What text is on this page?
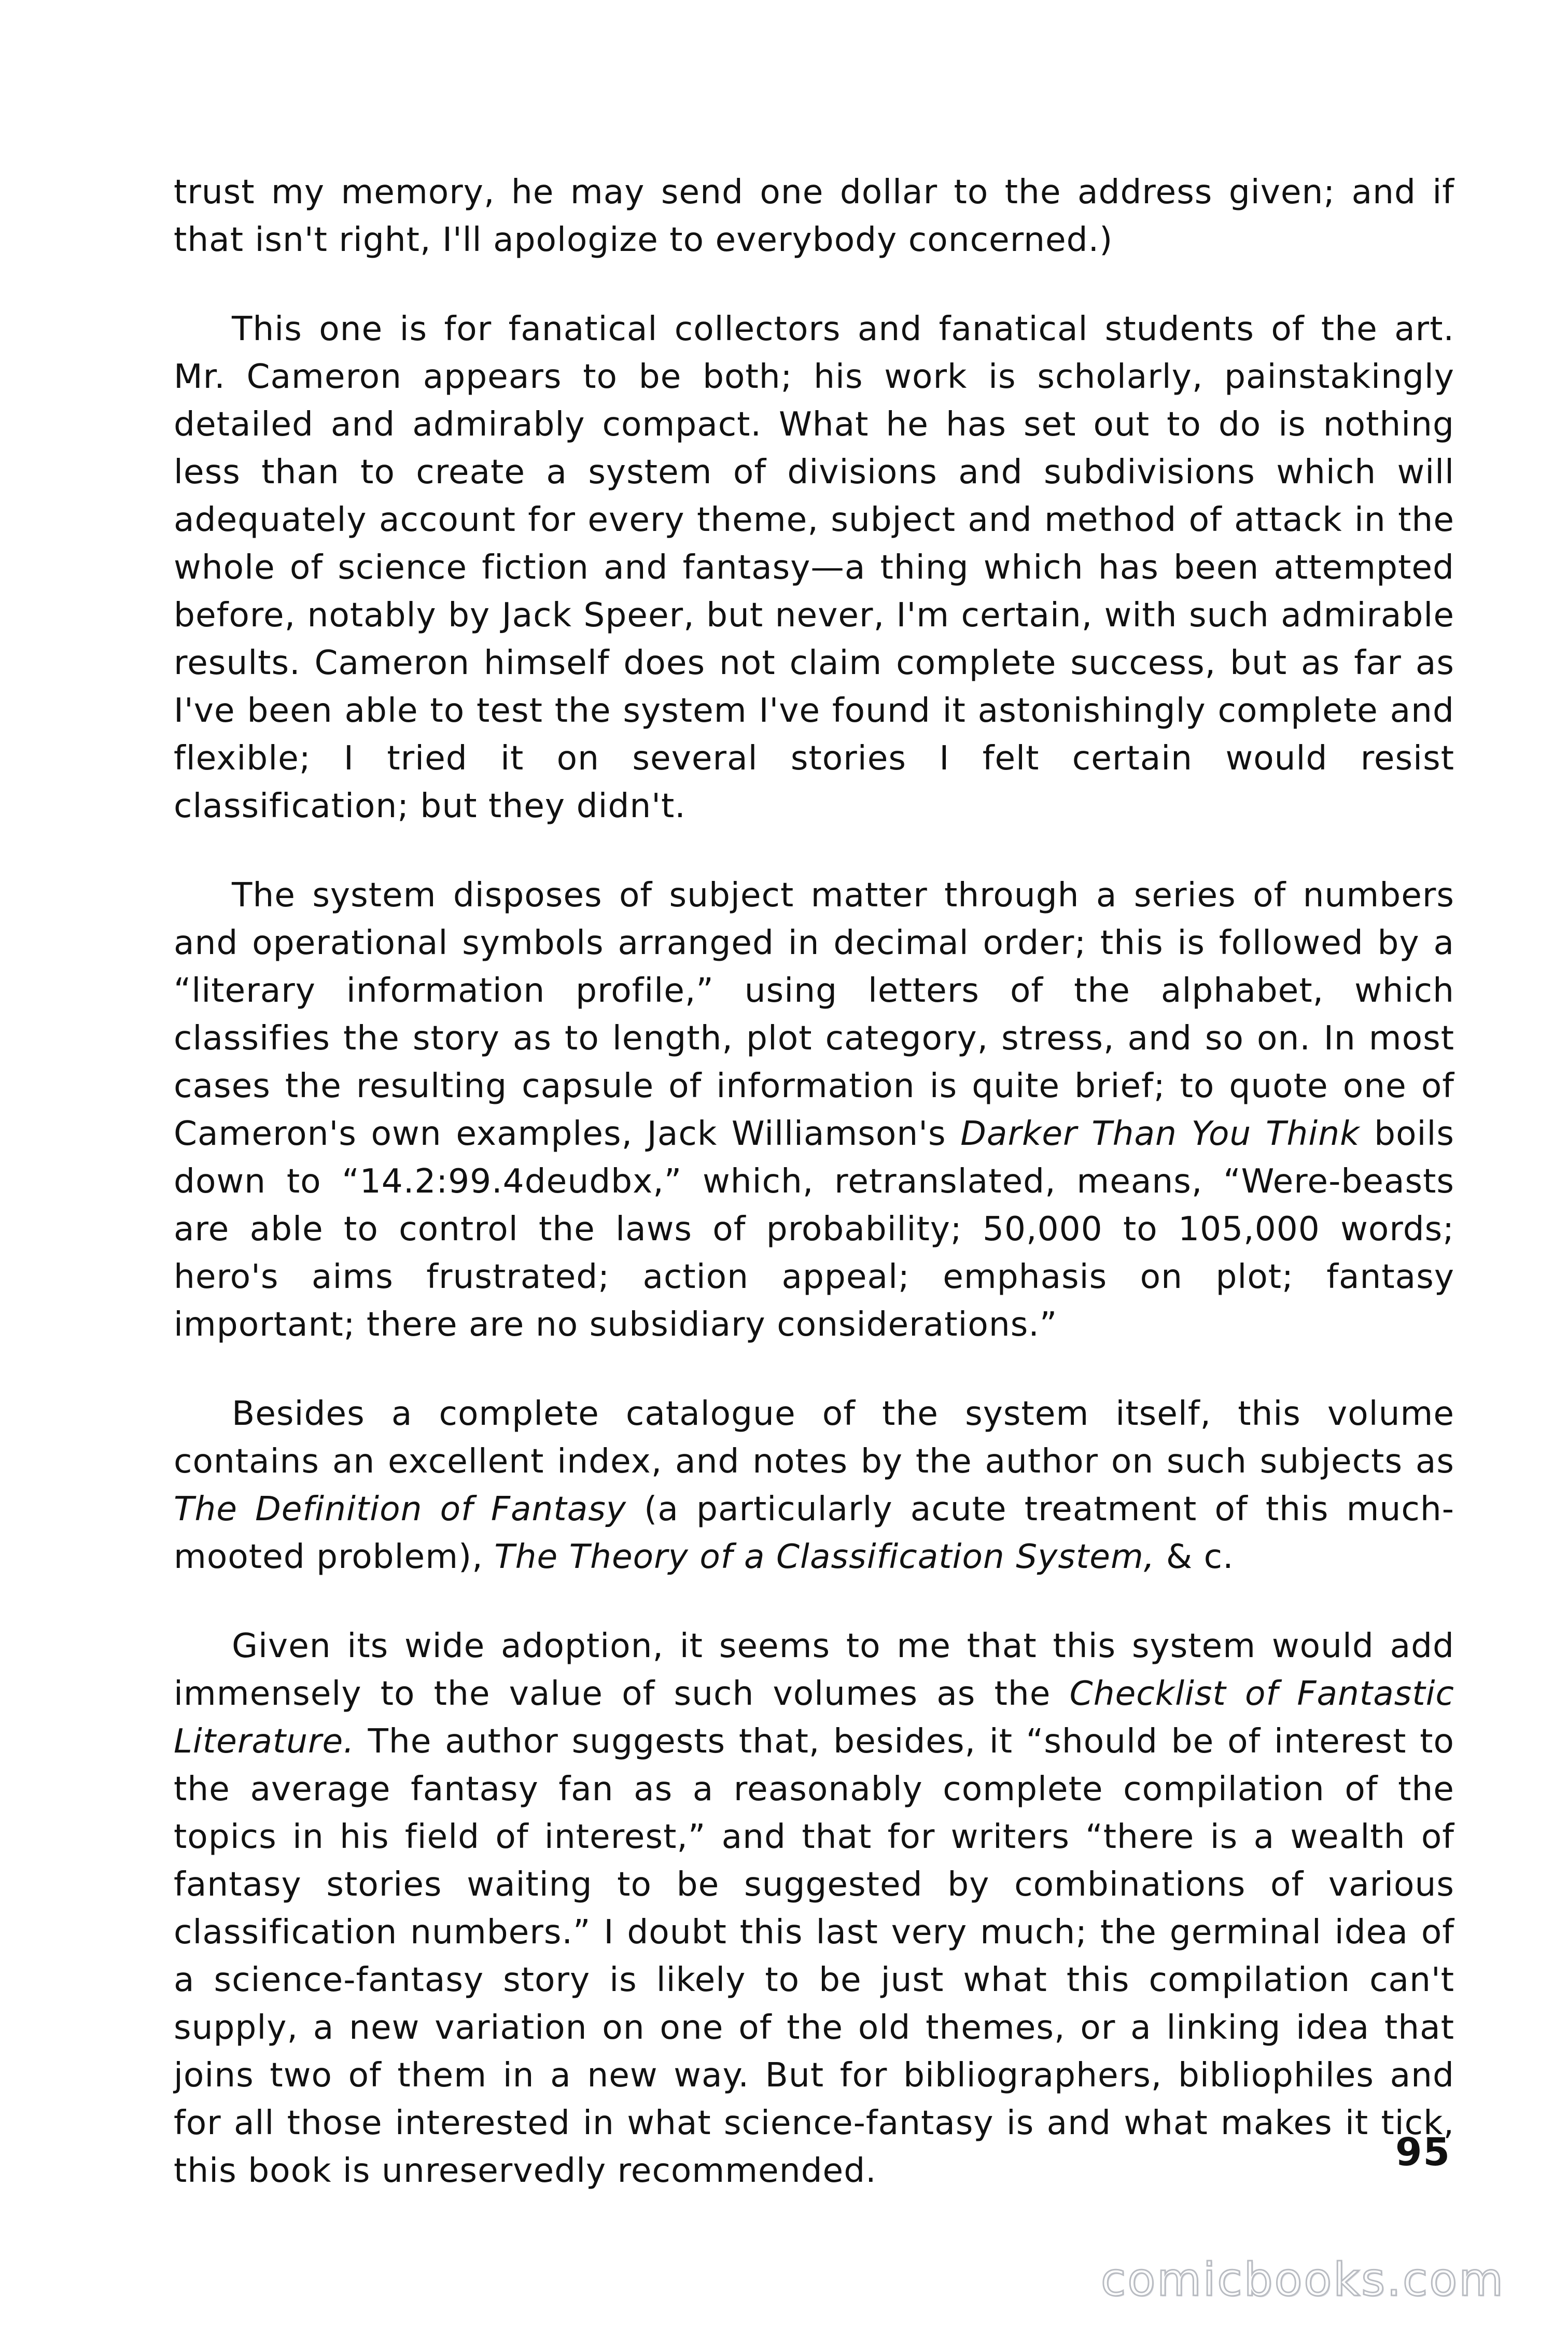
trust my memory, he may send one dollar to the address given; and if that isn't right, I'll apologize to everybody concerned.)

This one is for fanatical collectors and fanatical students of the art. Mr. Cameron appears to be both; his work is scholarly, painstakingly detailed and admirably compact. What he has set out to do is nothing less than to create a system of divisions and subdivisions which will adequately account for every theme, subject and method of attack in the whole of science fiction and fantasy—a thing which has been attempted before, notably by Jack Speer, but never, I'm certain, with such admirable results. Cameron himself does not claim complete success, but as far as I've been able to test the system I've found it astonishingly complete and flexible; I tried it on several stories I felt certain would resist classification; but they didn't.

The system disposes of subject matter through a series of numbers and operational symbols arranged in decimal order; this is followed by a “literary information profile,” using letters of the alphabet, which classifies the story as to length, plot category, stress, and so on. In most cases the resulting capsule of information is quite brief; to quote one of Cameron's own examples, Jack Williamson's Darker Than You Think boils down to “14.2:99.4deudbx,” which, retranslated, means, “Were-beasts are able to control the laws of probability; 50,000 to 105,000 words; hero's aims frustrated; action appeal; emphasis on plot; fantasy important; there are no subsidiary considerations.”

Besides a complete catalogue of the system itself, this volume contains an excellent index, and notes by the author on such subjects as The Definition of Fantasy (a particularly acute treatment of this much-mooted problem), The Theory of a Classification System, & c.

Given its wide adoption, it seems to me that this system would add immensely to the value of such volumes as the Checklist of Fantastic Literature. The author suggests that, besides, it “should be of interest to the average fantasy fan as a reasonably complete compilation of the topics in his field of interest,” and that for writers “there is a wealth of fantasy stories waiting to be suggested by combinations of various classification numbers.” I doubt this last very much; the germinal idea of a science-fantasy story is likely to be just what this compilation can't supply, a new variation on one of the old themes, or a linking idea that joins two of them in a new way. But for bibliographers, bibliophiles and for all those interested in what science-fantasy is and what makes it tick, this book is unreservedly recommended.	95
comicbooks.com
